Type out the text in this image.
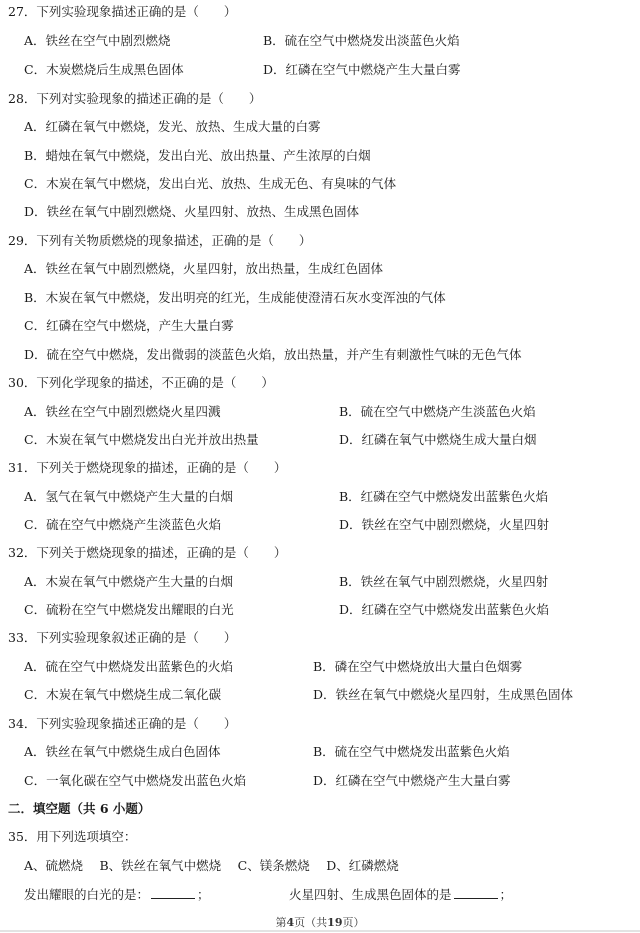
27．下列实验现象描述正确的是（　　）
A．铁丝在空气中剧烈燃烧	B．硫在空气中燃烧发出淡蓝色火焰
C．木炭燃烧后生成黑色固体	D．红磷在空气中燃烧产生大量白雾
28．下列对实验现象的描述正确的是（　　）
A．红磷在氧气中燃烧，发光、放热、生成大量的白雾
B．蜡烛在氧气中燃烧，发出白光、放出热量、产生浓厚的白烟
C．木炭在氧气中燃烧，发出白光、放热、生成无色、有臭味的气体
D．铁丝在氧气中剧烈燃烧、火星四射、放热、生成黑色固体
29．下列有关物质燃烧的现象描述，正确的是（　　）
A．铁丝在氧气中剧烈燃烧，火星四射，放出热量，生成红色固体
B．木炭在氧气中燃烧，发出明亮的红光，生成能使澄清石灰水变浑浊的气体
C．红磷在空气中燃烧，产生大量白雾
D．硫在空气中燃烧，发出微弱的淡蓝色火焰，放出热量，并产生有刺激性气味的无色气体
30．下列化学现象的描述，不正确的是（　　）
A．铁丝在空气中剧烈燃烧火星四溅	B．硫在空气中燃烧产生淡蓝色火焰
C．木炭在氧气中燃烧发出白光并放出热量	D．红磷在氧气中燃烧生成大量白烟
31．下列关于燃烧现象的描述，正确的是（　　）
A．氢气在氧气中燃烧产生大量的白烟	B．红磷在空气中燃烧发出蓝紫色火焰
C．硫在空气中燃烧产生淡蓝色火焰	D．铁丝在空气中剧烈燃烧，火星四射
32．下列关于燃烧现象的描述，正确的是（　　）
A．木炭在氧气中燃烧产生大量的白烟	B．铁丝在氧气中剧烈燃烧，火星四射
C．硫粉在空气中燃烧发出耀眼的白光	D．红磷在空气中燃烧发出蓝紫色火焰
33．下列实验现象叙述正确的是（　　）
A．硫在空气中燃烧发出蓝紫色的火焰	B．磷在空气中燃烧放出大量白色烟雾
C．木炭在氧气中燃烧生成二氧化碳	D．铁丝在氧气中燃烧火星四射，生成黑色固体
34．下列实验现象描述正确的是（　　）
A．铁丝在氧气中燃烧生成白色固体	B．硫在空气中燃烧发出蓝紫色火焰
C．一氧化碳在空气中燃烧发出蓝色火焰	D．红磷在空气中燃烧产生大量白雾
二．填空题（共 6 小题）
35．用下列选项填空：
A、硫燃烧　 B、铁丝在氧气中燃烧　 C、镁条燃烧　 D、红磷燃烧
发出耀眼的白光的是：	；	火星四射、生成黑色固体的是	；
第4页（共19页）
